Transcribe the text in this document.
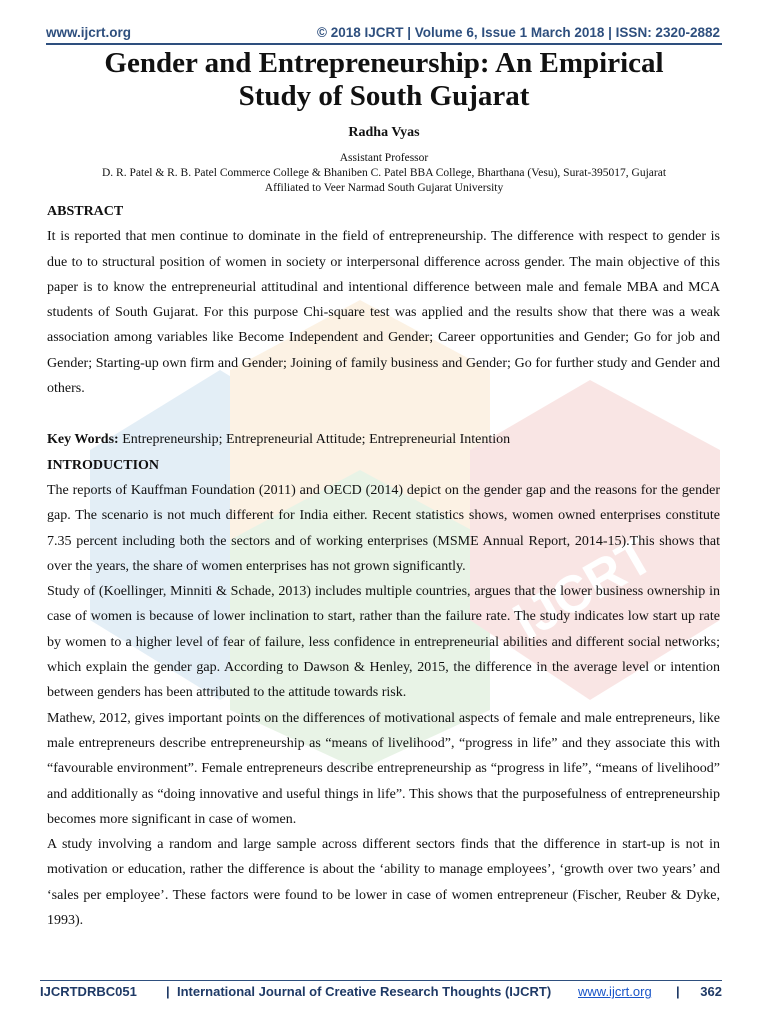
IJCRT
www.ijcrt.org	© 2018 IJCRT | Volume 6, Issue 1 March 2018 | ISSN: 2320-2882
Gender and Entrepreneurship: An Empirical
Study of South Gujarat
Radha Vyas
Assistant Professor
D. R. Patel & R. B. Patel Commerce College & Bhaniben C. Patel BBA College, Bharthana (Vesu), Surat-395017, Gujarat
Affiliated to Veer Narmad South Gujarat University

ABSTRACT

It is reported that men continue to dominate in the field of entrepreneurship. The difference with respect to gender is due to to structural position of women in society or interpersonal difference across gender. The main objective of this paper is to know the entrepreneurial attitudinal and intentional difference between male and female MBA and MCA students of South Gujarat. For this purpose Chi-square test was applied and the results show that there was a weak association among variables like Become Independent and Gender; Career opportunities and Gender; Go for job and Gender; Starting-up own firm and Gender; Joining of family business and Gender; Go for further study and Gender and others.

Key Words: Entrepreneurship; Entrepreneurial Attitude; Entrepreneurial Intention

INTRODUCTION

The reports of Kauffman Foundation (2011) and OECD (2014) depict on the gender gap and the reasons for the gender gap. The scenario is not much different for India either. Recent statistics shows, women owned enterprises constitute 7.35 percent including both the sectors and of working enterprises (MSME Annual Report, 2014-15).This shows that over the years, the share of women enterprises has not grown significantly.

Study of (Koellinger, Minniti & Schade, 2013) includes multiple countries, argues that the lower business ownership in case of women is because of lower inclination to start, rather than the failure rate. The study indicates low start up rate by women to a higher level of fear of failure, less confidence in entrepreneurial abilities and different social networks; which explain the gender gap. According to Dawson & Henley, 2015, the difference in the average level or intention between genders has been attributed to the attitude towards risk.

Mathew, 2012, gives important points on the differences of motivational aspects of female and male entrepreneurs, like male entrepreneurs describe entrepreneurship as “means of livelihood”, “progress in life” and they associate this with “favourable environment”. Female entrepreneurs describe entrepreneurship as “progress in life”, “means of livelihood” and additionally as “doing innovative and useful things in life”. This shows that the purposefulness of entrepreneurship becomes more significant in case of women.

A study involving a random and large sample across different sectors finds that the difference in start-up is not in motivation or education, rather the difference is about the ‘ability to manage employees’, ‘growth over two years’ and ‘sales per employee’. These factors were found to be lower in case of women entrepreneur (Fischer, Reuber & Dyke, 1993).

IJCRTDRBC051 | International Journal of Creative Research Thoughts (IJCRT) www.ijcrt.org | 362
